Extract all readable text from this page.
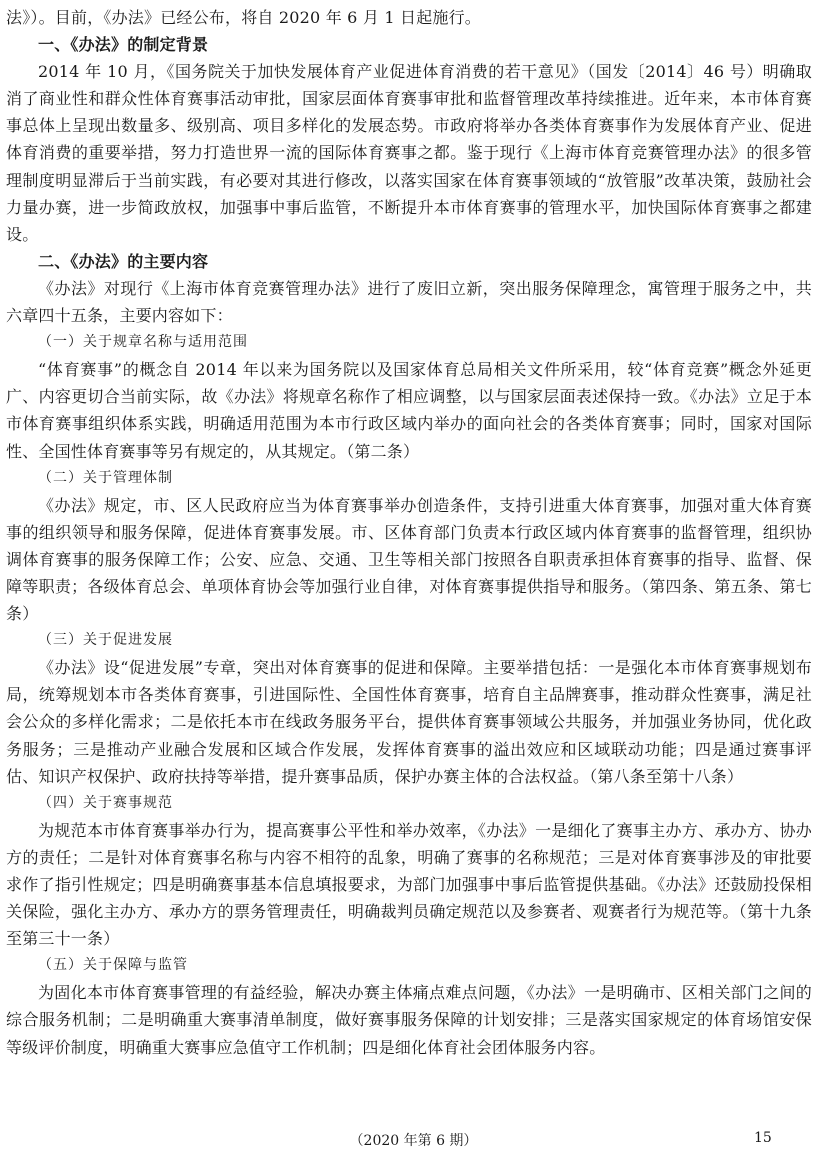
法》）。目前，《办法》已经公布，将自 2020 年 6 月 1 日起施行。

一、《办法》的制定背景

2014 年 10 月，《国务院关于加快发展体育产业促进体育消费的若干意见》（国发〔2014〕46 号）明确取消了商业性和群众性体育赛事活动审批，国家层面体育赛事审批和监督管理改革持续推进。近年来，本市体育赛事总体上呈现出数量多、级别高、项目多样化的发展态势。市政府将举办各类体育赛事作为发展体育产业、促进体育消费的重要举措，努力打造世界一流的国际体育赛事之都。鉴于现行《上海市体育竞赛管理办法》的很多管理制度明显滞后于当前实践，有必要对其进行修改，以落实国家在体育赛事领域的“放管服”改革决策，鼓励社会力量办赛，进一步简政放权，加强事中事后监管，不断提升本市体育赛事的管理水平，加快国际体育赛事之都建设。

二、《办法》的主要内容

《办法》对现行《上海市体育竞赛管理办法》进行了废旧立新，突出服务保障理念，寓管理于服务之中，共六章四十五条，主要内容如下：

（一）关于规章名称与适用范围

“体育赛事”的概念自 2014 年以来为国务院以及国家体育总局相关文件所采用，较“体育竞赛”概念外延更广、内容更切合当前实际，故《办法》将规章名称作了相应调整，以与国家层面表述保持一致。《办法》立足于本市体育赛事组织体系实践，明确适用范围为本市行政区域内举办的面向社会的各类体育赛事；同时，国家对国际性、全国性体育赛事等另有规定的，从其规定。（第二条）

（二）关于管理体制

《办法》规定，市、区人民政府应当为体育赛事举办创造条件，支持引进重大体育赛事，加强对重大体育赛事的组织领导和服务保障，促进体育赛事发展。市、区体育部门负责本行政区域内体育赛事的监督管理，组织协调体育赛事的服务保障工作；公安、应急、交通、卫生等相关部门按照各自职责承担体育赛事的指导、监督、保障等职责；各级体育总会、单项体育协会等加强行业自律，对体育赛事提供指导和服务。（第四条、第五条、第七条）

（三）关于促进发展

《办法》设“促进发展”专章，突出对体育赛事的促进和保障。主要举措包括：一是强化本市体育赛事规划布局，统筹规划本市各类体育赛事，引进国际性、全国性体育赛事，培育自主品牌赛事，推动群众性赛事，满足社会公众的多样化需求；二是依托本市在线政务服务平台，提供体育赛事领域公共服务，并加强业务协同，优化政务服务；三是推动产业融合发展和区域合作发展，发挥体育赛事的溢出效应和区域联动功能；四是通过赛事评估、知识产权保护、政府扶持等举措，提升赛事品质，保护办赛主体的合法权益。（第八条至第十八条）

（四）关于赛事规范

为规范本市体育赛事举办行为，提高赛事公平性和举办效率，《办法》一是细化了赛事主办方、承办方、协办方的责任；二是针对体育赛事名称与内容不相符的乱象，明确了赛事的名称规范；三是对体育赛事涉及的审批要求作了指引性规定；四是明确赛事基本信息填报要求，为部门加强事中事后监管提供基础。《办法》还鼓励投保相关保险，强化主办方、承办方的票务管理责任，明确裁判员确定规范以及参赛者、观赛者行为规范等。（第十九条至第三十一条）

（五）关于保障与监管

为固化本市体育赛事管理的有益经验，解决办赛主体痛点难点问题，《办法》一是明确市、区相关部门之间的综合服务机制；二是明确重大赛事清单制度，做好赛事服务保障的计划安排；三是落实国家规定的体育场馆安保等级评价制度，明确重大赛事应急值守工作机制；四是细化体育社会团体服务内容。

（2020 年第 6 期）	15
